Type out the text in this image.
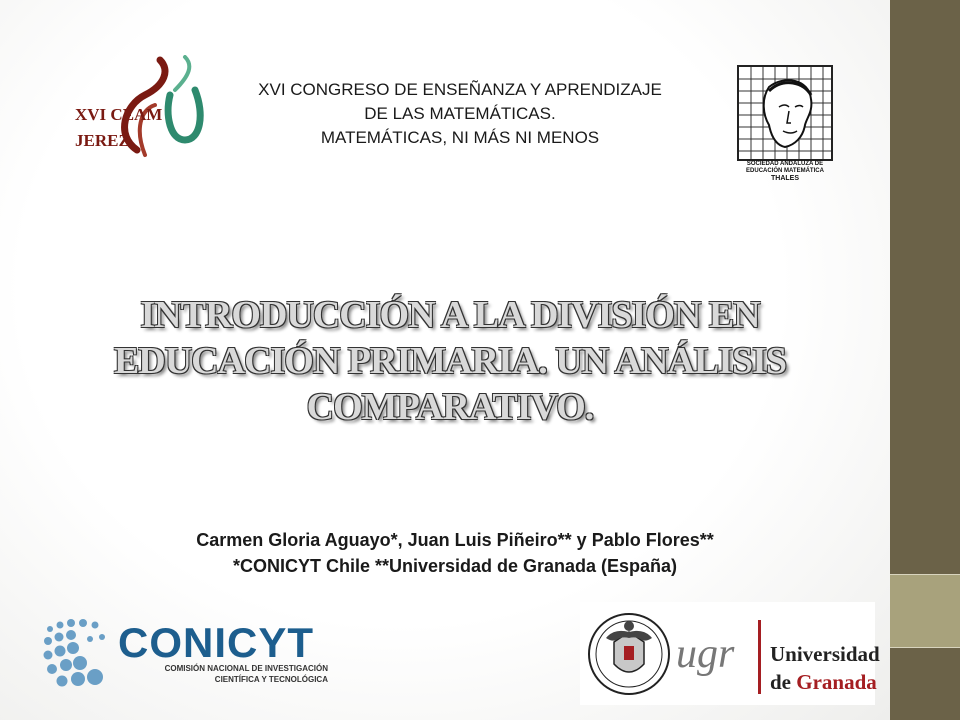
XVI CEAM
JEREZ
XVI CONGRESO DE ENSEÑANZA Y APRENDIZAJE
DE LAS MATEMÁTICAS.
MATEMÁTICAS, NI MÁS NI MENOS
SOCIEDAD ANDALUZA DE
EDUCACIÓN MATEMÁTICA
THALES
INTRODUCCIÓN A LA DIVISIÓN EN
EDUCACIÓN PRIMARIA. UN ANÁLISIS
COMPARATIVO.
Carmen Gloria Aguayo*, Juan Luis Piñeiro** y Pablo Flores**
*CONICYT Chile **Universidad de Granada (España)
CONICYT
COMISIÓN NACIONAL DE INVESTIGACIÓN
CIENTÍFICA Y TECNOLÓGICA
ugr Universidad
de Granada
